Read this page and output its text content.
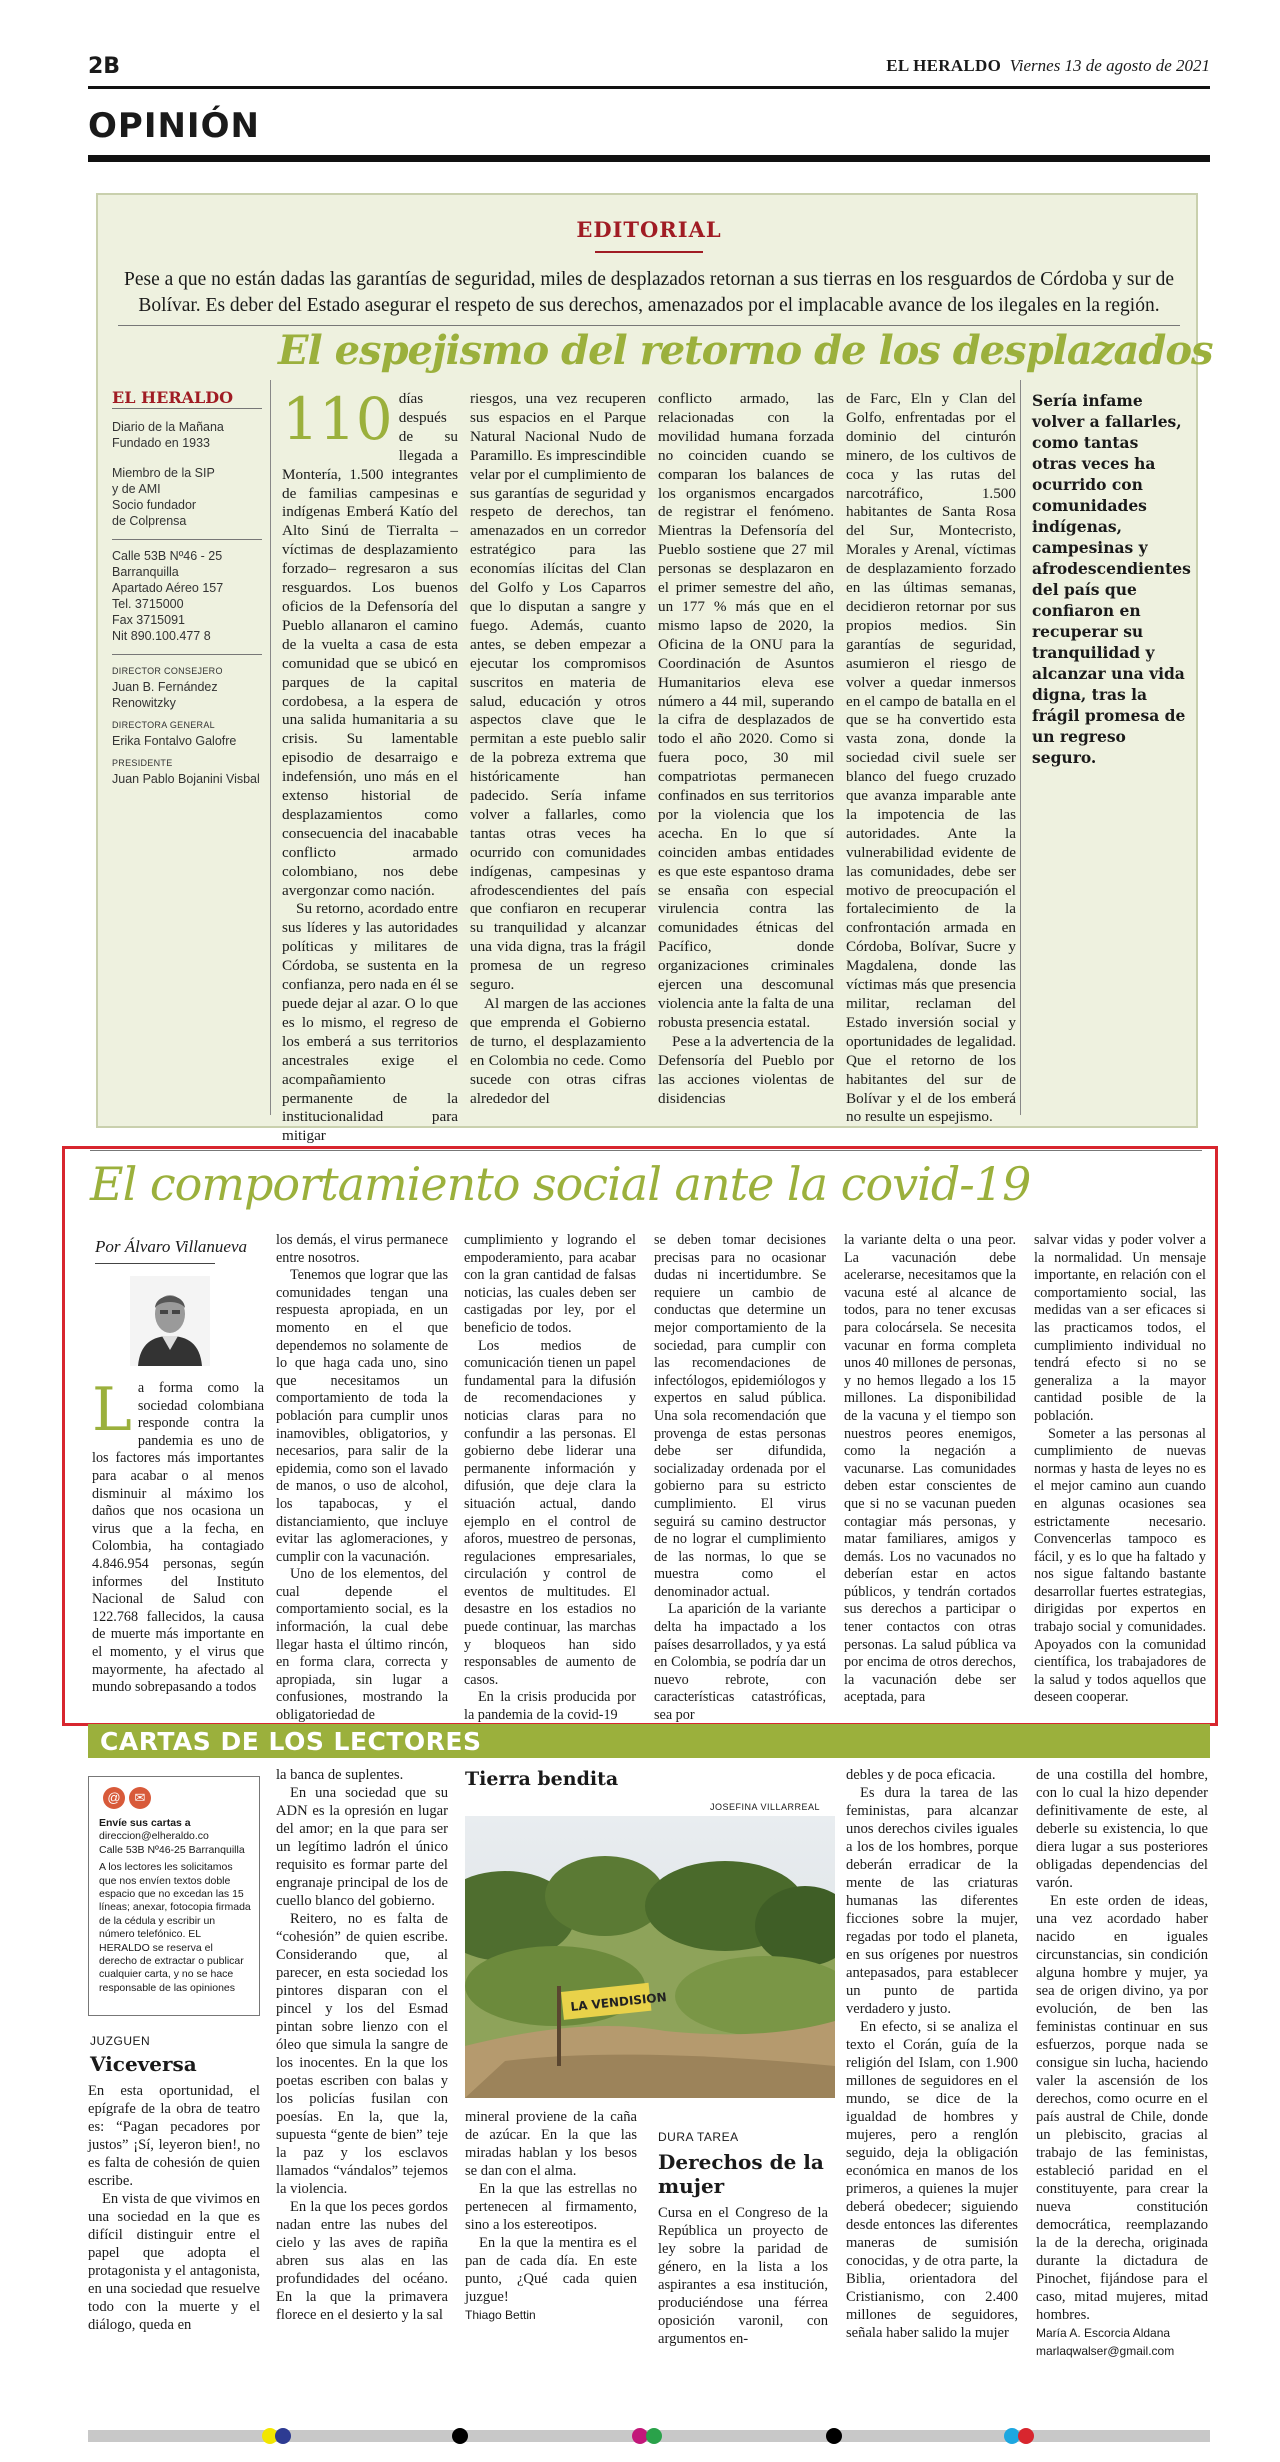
2B	EL HERALDO Viernes 13 de agosto de 2021
OPINIÓN
EDITORIAL
Pese a que no están dadas las garantías de seguridad, miles de desplazados retornan a sus tierras en los resguardos de Córdoba y sur de Bolívar. Es deber del Estado asegurar el respeto de sus derechos, amenazados por el implacable avance de los ilegales en la región.
El espejismo del retorno de los desplazados
EL HERALDO
Diario de la Mañana
Fundado en 1933
Miembro de la SIP
y de AMI
Socio fundador
de Colprensa
Calle 53B Nº46 - 25
Barranquilla
Apartado Aéreo 157
Tel. 3715000
Fax 3715091
Nit 890.100.477 8
DIRECTOR CONSEJERO
Juan B. Fernández Renowitzky
DIRECTORA GENERAL
Erika Fontalvo Galofre
PRESIDENTE
Juan Pablo Bojanini Visbal
110 días después de su llegada a Montería, 1.500 integrantes de familias campesinas e indígenas Emberá Katío del Alto Sinú de Tierralta –víctimas de desplazamiento forzado– regresaron a sus resguardos. Los buenos oficios de la Defensoría del Pueblo allanaron el camino de la vuelta a casa de esta comunidad que se ubicó en parques de la capital cordobesa, a la espera de una salida humanitaria a su crisis. Su lamentable episodio de desarraigo e indefensión, uno más en el extenso historial de desplazamientos como consecuencia del inacabable conflicto armado colombiano, nos debe avergonzar como nación.

Su retorno, acordado entre sus líderes y las autoridades políticas y militares de Córdoba, se sustenta en la confianza, pero nada en él se puede dejar al azar. O lo que es lo mismo, el regreso de los emberá a sus territorios ancestrales exige el acompañamiento permanente de la institucionalidad para mitigar

riesgos, una vez recuperen sus espacios en el Parque Natural Nacional Nudo de Paramillo. Es imprescindible velar por el cumplimiento de sus garantías de seguridad y respeto de derechos, tan amenazados en un corredor estratégico para las economías ilícitas del Clan del Golfo y Los Caparros que lo disputan a sangre y fuego. Además, cuanto antes, se deben empezar a ejecutar los compromisos suscritos en materia de salud, educación y otros aspectos clave que le permitan a este pueblo salir de la pobreza extrema que históricamente han padecido. Sería infame volver a fallarles, como tantas otras veces ha ocurrido con comunidades indígenas, campesinas y afrodescendientes del país que confiaron en recuperar su tranquilidad y alcanzar una vida digna, tras la frágil promesa de un regreso seguro.

Al margen de las acciones que emprenda el Gobierno de turno, el desplazamiento en Colombia no cede. Como sucede con otras cifras alrededor del

conflicto armado, las relacionadas con la movilidad humana forzada no coinciden cuando se comparan los balances de los organismos encargados de registrar el fenómeno. Mientras la Defensoría del Pueblo sostiene que 27 mil personas se desplazaron en el primer semestre del año, un 177 % más que en el mismo lapso de 2020, la Oficina de la ONU para la Coordinación de Asuntos Humanitarios eleva ese número a 44 mil, superando la cifra de desplazados de todo el año 2020. Como si fuera poco, 30 mil compatriotas permanecen confinados en sus territorios por la violencia que los acecha. En lo que sí coinciden ambas entidades es que este espantoso drama se ensaña con especial virulencia contra las comunidades étnicas del Pacífico, donde organizaciones criminales ejercen una descomunal violencia ante la falta de una robusta presencia estatal.

Pese a la advertencia de la Defensoría del Pueblo por las acciones violentas de disidencias

de Farc, Eln y Clan del Golfo, enfrentadas por el dominio del cinturón minero, de los cultivos de coca y las rutas del narcotráfico, 1.500 habitantes de Santa Rosa del Sur, Montecristo, Morales y Arenal, víctimas de desplazamiento forzado en las últimas semanas, decidieron retornar por sus propios medios. Sin garantías de seguridad, asumieron el riesgo de volver a quedar inmersos en el campo de batalla en el que se ha convertido esta vasta zona, donde la sociedad civil suele ser blanco del fuego cruzado que avanza imparable ante la impotencia de las autoridades. Ante la vulnerabilidad evidente de las comunidades, debe ser motivo de preocupación el fortalecimiento de la confrontación armada en Córdoba, Bolívar, Sucre y Magdalena, donde las víctimas más que presencia militar, reclaman del Estado inversión social y oportunidades de legalidad. Que el retorno de los habitantes del sur de Bolívar y el de los emberá no resulte un espejismo.

Sería infame volver a fallarles, como tantas otras veces ha ocurrido con comunidades indígenas, campesinas y afrodescendientes del país que confiaron en recuperar su tranquilidad y alcanzar una vida digna, tras la frágil promesa de un regreso seguro.
El comportamiento social ante la covid-19
Por Álvaro Villanueva
L a forma como la sociedad colombiana responde contra la pandemia es uno de los factores más importantes para acabar o al menos disminuir al máximo los daños que nos ocasiona un virus que a la fecha, en Colombia, ha contagiado 4.846.954 personas, según informes del Instituto Nacional de Salud con 122.768 fallecidos, la causa de muerte más importante en el momento, y el virus que mayormente, ha afectado al mundo sobrepasando a todos

los demás, el virus permanece entre nosotros.

Tenemos que lograr que las comunidades tengan una respuesta apropiada, en un momento en el que dependemos no solamente de lo que haga cada uno, sino que necesitamos un comportamiento de toda la población para cumplir unos inamovibles, obligatorios, y necesarios, para salir de la epidemia, como son el lavado de manos, o uso de alcohol, los tapabocas, y el distanciamiento, que incluye evitar las aglomeraciones, y cumplir con la vacunación.

Uno de los elementos, del cual depende el comportamiento social, es la información, la cual debe llegar hasta el último rincón, en forma clara, correcta y apropiada, sin lugar a confusiones, mostrando la obligatoriedad de

cumplimiento y logrando el empoderamiento, para acabar con la gran cantidad de falsas noticias, las cuales deben ser castigadas por ley, por el beneficio de todos.

Los medios de comunicación tienen un papel fundamental para la difusión de recomendaciones y noticias claras para no confundir a las personas. El gobierno debe liderar una permanente información y difusión, que deje clara la situación actual, dando ejemplo en el control de aforos, muestreo de personas, regulaciones empresariales, circulación y control de eventos de multitudes. El desastre en los estadios no puede continuar, las marchas y bloqueos han sido responsables de aumento de casos.

En la crisis producida por la pandemia de la covid-19

se deben tomar decisiones precisas para no ocasionar dudas ni incertidumbre. Se requiere un cambio de conductas que determine un mejor comportamiento de la sociedad, para cumplir con las recomendaciones de infectólogos, epidemiólogos y expertos en salud pública. Una sola recomendación que provenga de estas personas debe ser difundida, socializaday ordenada por el gobierno para su estricto cumplimiento. El virus seguirá su camino destructor de no lograr el cumplimiento de las normas, lo que se muestra como el denominador actual.

La aparición de la variante delta ha impactado a los países desarrollados, y ya está en Colombia, se podría dar un nuevo rebrote, con características catastróficas, sea por

la variante delta o una peor. La vacunación debe acelerarse, necesitamos que la vacuna esté al alcance de todos, para no tener excusas para colocársela. Se necesita vacunar en forma completa unos 40 millones de personas, y no hemos llegado a los 15 millones. La disponibilidad de la vacuna y el tiempo son nuestros peores enemigos, como la negación a vacunarse. Las comunidades deben estar conscientes de que si no se vacunan pueden contagiar más personas, y matar familiares, amigos y demás. Los no vacunados no deberían estar en actos públicos, y tendrán cortados sus derechos a participar o tener contactos con otras personas. La salud pública va por encima de otros derechos, la vacunación debe ser aceptada, para

salvar vidas y poder volver a la normalidad. Un mensaje importante, en relación con el comportamiento social, las medidas van a ser eficaces si las practicamos todos, el cumplimiento individual no tendrá efecto si no se generaliza a la mayor cantidad posible de la población.

Someter a las personas al cumplimiento de nuevas normas y hasta de leyes no es el mejor camino aun cuando en algunas ocasiones sea estrictamente necesario. Convencerlas tampoco es fácil, y es lo que ha faltado y nos sigue faltando bastante desarrollar fuertes estrategias, dirigidas por expertos en trabajo social y comunidades. Apoyados con la comunidad científica, los trabajadores de la salud y todos aquellos que deseen cooperar.

CARTAS DE LOS LECTORES
@	✉
Envíe sus cartas a
direccion@elheraldo.co
Calle 53B Nº46-25 Barranquilla
A los lectores les solicitamos que nos envíen textos doble espacio que no excedan las 15 líneas; anexar, fotocopia firmada de la cédula y escribir un número telefónico. EL HERALDO se reserva el derecho de extractar o publicar cualquier carta, y no se hace responsable de las opiniones
JUZGUEN
Viceversa

En esta oportunidad, el epígrafe de la obra de teatro es: “Pagan pecadores por justos” ¡Sí, leyeron bien!, no es falta de cohesión de quien escribe.

En vista de que vivimos en una sociedad en la que es difícil distinguir entre el papel que adopta el protagonista y el antagonista, en una sociedad que resuelve todo con la muerte y el diálogo, queda en

la banca de suplentes.

En una sociedad que su ADN es la opresión en lugar del amor; en la que para ser un legítimo ladrón el único requisito es formar parte del engranaje principal de los de cuello blanco del gobierno.

Reitero, no es falta de “cohesión” de quien escribe. Considerando que, al parecer, en esta sociedad los pintores disparan con el pincel y los del Esmad pintan sobre lienzo con el óleo que simula la sangre de los inocentes. En la que los poetas escriben con balas y los policías fusilan con poesías. En la, que la, supuesta “gente de bien” teje la paz y los esclavos llamados “vándalos” tejemos la violencia.

En la que los peces gordos nadan entre las nubes del cielo y las aves de rapiña abren sus alas en las profundidades del océano. En la que la primavera florece en el desierto y la sal

mineral proviene de la caña de azúcar. En la que las miradas hablan y los besos se dan con el alma.

En la que las estrellas no pertenecen al firmamento, sino a los estereotipos.

En la que la mentira es el pan de cada día. En este punto, ¿Qué cada quien juzgue!

Thiago Bettin
Tierra bendita
JOSEFINA VILLARREAL
LA VENDISION
DURA TAREA
Derechos de la mujer

Cursa en el Congreso de la República un proyecto de ley sobre la paridad de género, en la lista a los aspirantes a esa institución, produciéndose una férrea oposición varonil, con argumentos en-

debles y de poca eficacia.

Es dura la tarea de las feministas, para alcanzar unos derechos civiles iguales a los de los hombres, porque deberán erradicar de la mente de las criaturas humanas las diferentes ficciones sobre la mujer, regadas por todo el planeta, en sus orígenes por nuestros antepasados, para establecer un punto de partida verdadero y justo.

En efecto, si se analiza el texto el Corán, guía de la religión del Islam, con 1.900 millones de seguidores en el mundo, se dice de la igualdad de hombres y mujeres, pero a renglón seguido, deja la obligación económica en manos de los primeros, a quienes la mujer deberá obedecer; siguiendo desde entonces las diferentes maneras de sumisión conocidas, y de otra parte, la Biblia, orientadora del Cristianismo, con 2.400 millones de seguidores, señala haber salido la mujer

de una costilla del hombre, con lo cual la hizo depender definitivamente de este, al deberle su existencia, lo que diera lugar a sus posteriores obligadas dependencias del varón.

En este orden de ideas, una vez acordado haber nacido en iguales circunstancias, sin condición alguna hombre y mujer, ya sea de origen divino, ya por evolución, de ben las feministas continuar en sus esfuerzos, porque nada se consigue sin lucha, haciendo valer la ascensión de los derechos, como ocurre en el país austral de Chile, donde un plebiscito, gracias al trabajo de las feministas, estableció paridad en el constituyente, para crear la nueva constitución democrática, reemplazando la de la derecha, originada durante la dictadura de Pinochet, fijándose para el caso, mitad mujeres, mitad hombres.

María A. Escorcia Aldana
marlaqwalser@gmail.com
